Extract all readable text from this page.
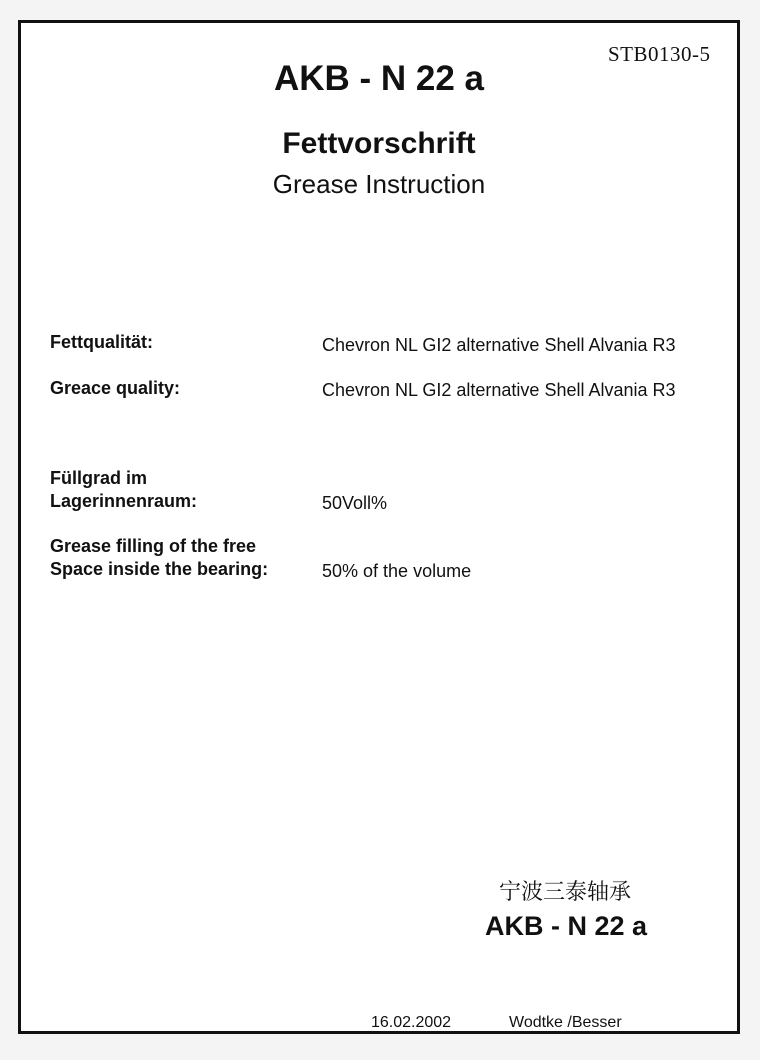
STB0130-5
AKB - N 22 a
Fettvorschrift
Grease Instruction
Fettqualität:	Chevron NL GI2 alternative Shell Alvania R3
Greace quality:	Chevron NL GI2 alternative Shell Alvania R3
Füllgrad im
Lagerinnenraum:	50Voll%
Grease filling of the free
Space inside the bearing:	50% of the volume
宁波三泰轴承
AKB - N 22 a
16.02.2002	Wodtke /Besser
